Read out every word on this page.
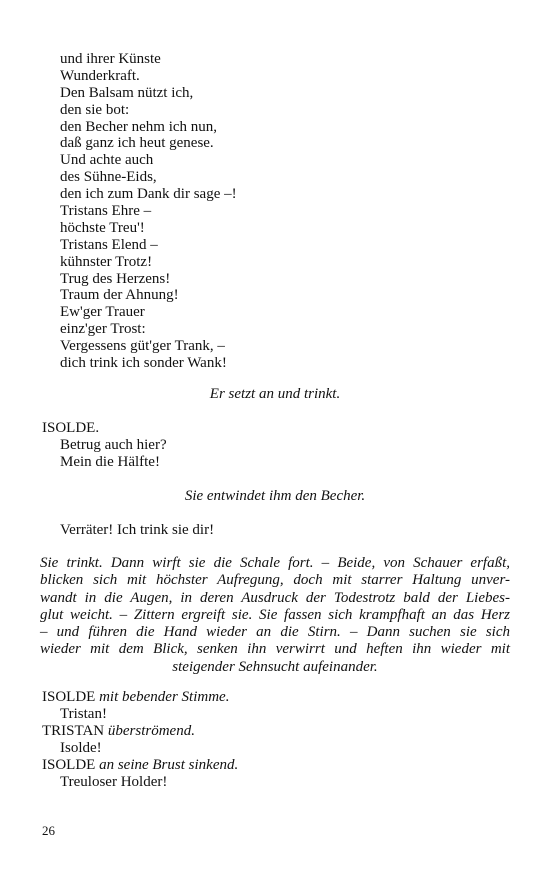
und ihrer Künste
Wunderkraft.
Den Balsam nützt ich,
den sie bot:
den Becher nehm ich nun,
daß ganz ich heut genese.
Und achte auch
des Sühne-Eids,
den ich zum Dank dir sage –!
Tristans Ehre –
höchste Treu'!
Tristans Elend –
kühnster Trotz!
Trug des Herzens!
Traum der Ahnung!
Ew'ger Trauer
einz'ger Trost:
Vergessens güt'ger Trank, –
dich trink ich sonder Wank!
Er setzt an und trinkt.
ISOLDE.
Betrug auch hier?
Mein die Hälfte!
Sie entwindet ihm den Becher.
Verräter! Ich trink sie dir!
Sie trinkt. Dann wirft sie die Schale fort. – Beide, von Schauer erfaßt,
blicken sich mit höchster Aufregung, doch mit starrer Haltung unver-
wandt in die Augen, in deren Ausdruck der Todestrotz bald der Liebes-
glut weicht. – Zittern ergreift sie. Sie fassen sich krampfhaft an das Herz
– und führen die Hand wieder an die Stirn. – Dann suchen sie sich
wieder mit dem Blick, senken ihn verwirrt und heften ihn wieder mit
steigender Sehnsucht aufeinander.
ISOLDE mit bebender Stimme.
Tristan!
TRISTAN überströmend.
Isolde!
ISOLDE an seine Brust sinkend.
Treuloser Holder!
26
